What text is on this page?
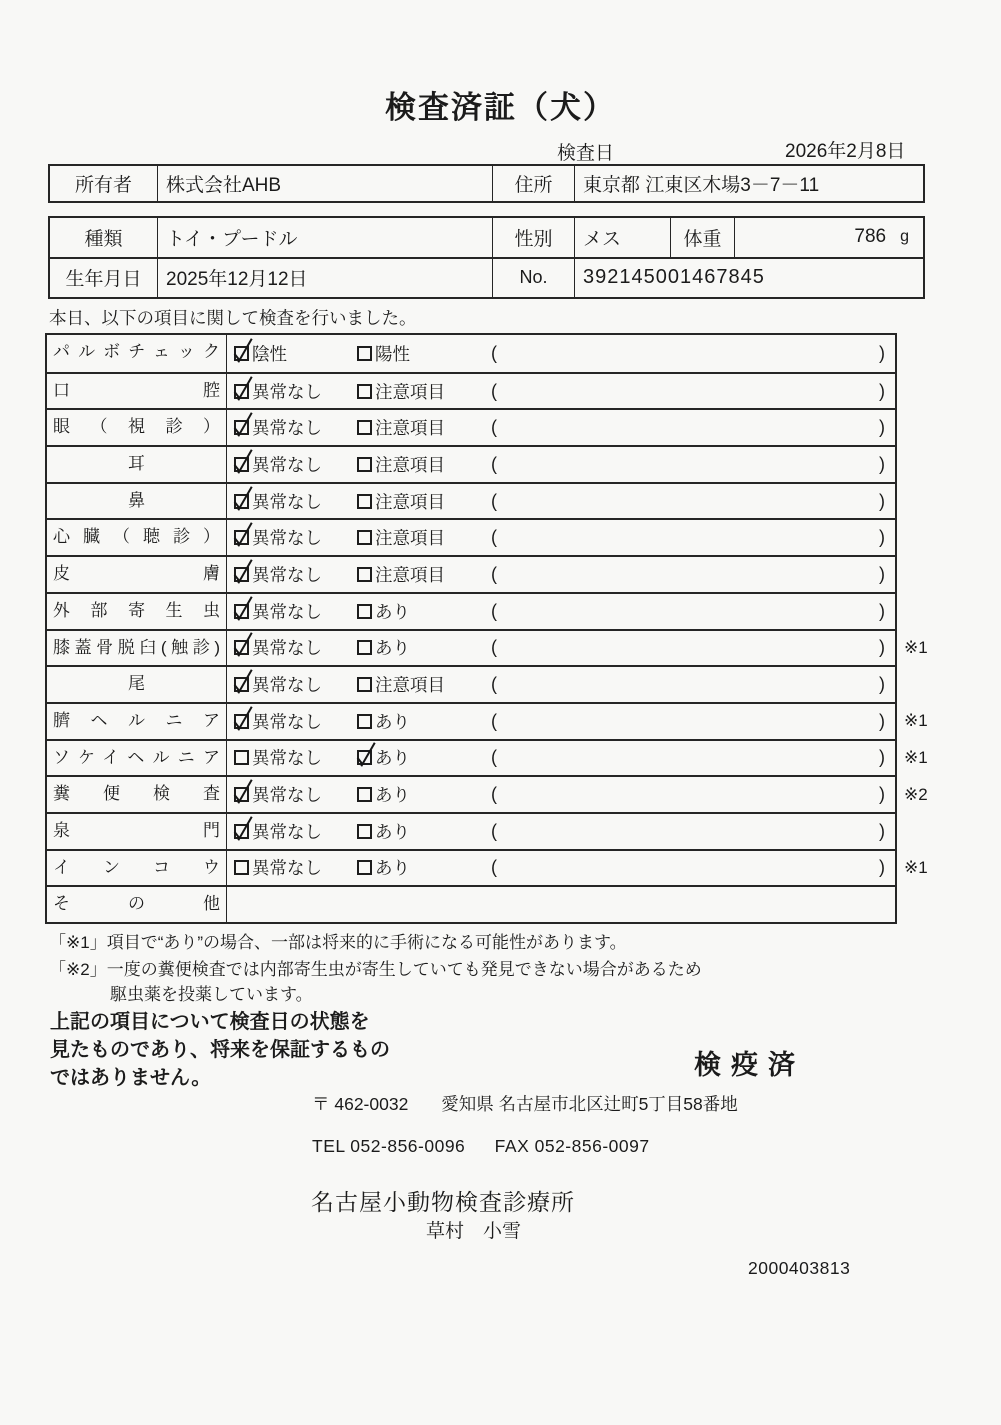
検査済証（犬）
検査日	2026年2月8日
所有者	株式会社AHB	住所	東京都 江東区木場3－7－11
種類	トイ・プードル	性別	メス	体重	786 g
生年月日	2025年12月12日	No.	392145001467845
本日、以下の項目に関して検査を行いました。
パルボチェック	陰性	陽性	(	)
口腔	異常なし	注意項目	(	)
眼（視診）	異常なし	注意項目	(	)
耳	異常なし	注意項目	(	)
鼻	異常なし	注意項目	(	)
心臓（聴診）	異常なし	注意項目	(	)
皮膚	異常なし	注意項目	(	)
外部寄生虫	異常なし	あり	(	)
膝蓋骨脱臼(触診)	異常なし	あり	(	) ※1
尾	異常なし	注意項目	(	)
臍ヘルニア	異常なし	あり	(	) ※1
ソケイヘルニア	異常なし	あり	(	) ※1
糞便検査	異常なし	あり	(	) ※2
泉門	異常なし	あり	(	)
インコウ	異常なし	あり	(	) ※1
その他
「※1」項目で“あり”の場合、一部は将来的に手術になる可能性があります。
「※2」一度の糞便検査では内部寄生虫が寄生していても発見できない場合があるため
駆虫薬を投薬しています。
上記の項目について検査日の状態を
見たものであり、将来を保証するもの
ではありません。	検疫済
〒 462-0032 愛知県 名古屋市北区辻町5丁目58番地
TEL 052-856-0096 FAX 052-856-0097
名古屋小動物検査診療所
草村　小雪
2000403813
